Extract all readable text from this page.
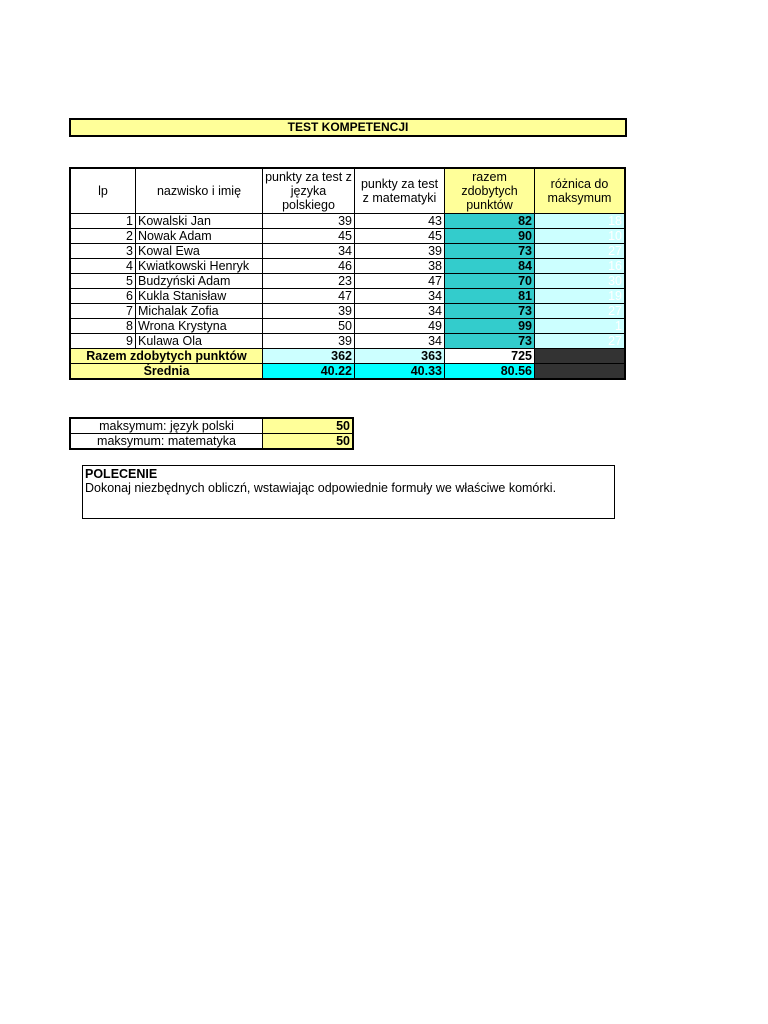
TEST KOMPETENCJI
lp	nazwisko i imię	punkty za test z języka polskiego	punkty za test z matematyki	razem zdobytych punktów	różnica do maksymum
1	Kowalski Jan	39	43	82	18
2	Nowak Adam	45	45	90	10
3	Kowal Ewa	34	39	73	27
4	Kwiatkowski Henryk	46	38	84	16
5	Budzyński Adam	23	47	70	30
6	Kukla Stanisław	47	34	81	19
7	Michalak Zofia	39	34	73	27
8	Wrona Krystyna	50	49	99	1
9	Kulawa Ola	39	34	73	27
Razem zdobytych punktów		362	363	725	
Średnia		40.22	40.33	80.56	
maksymum: język polski	50
maksymum: matematyka	50
POLECENIE
Dokonaj niezbędnych obliczń, wstawiając odpowiednie formuły we właściwe komórki.
